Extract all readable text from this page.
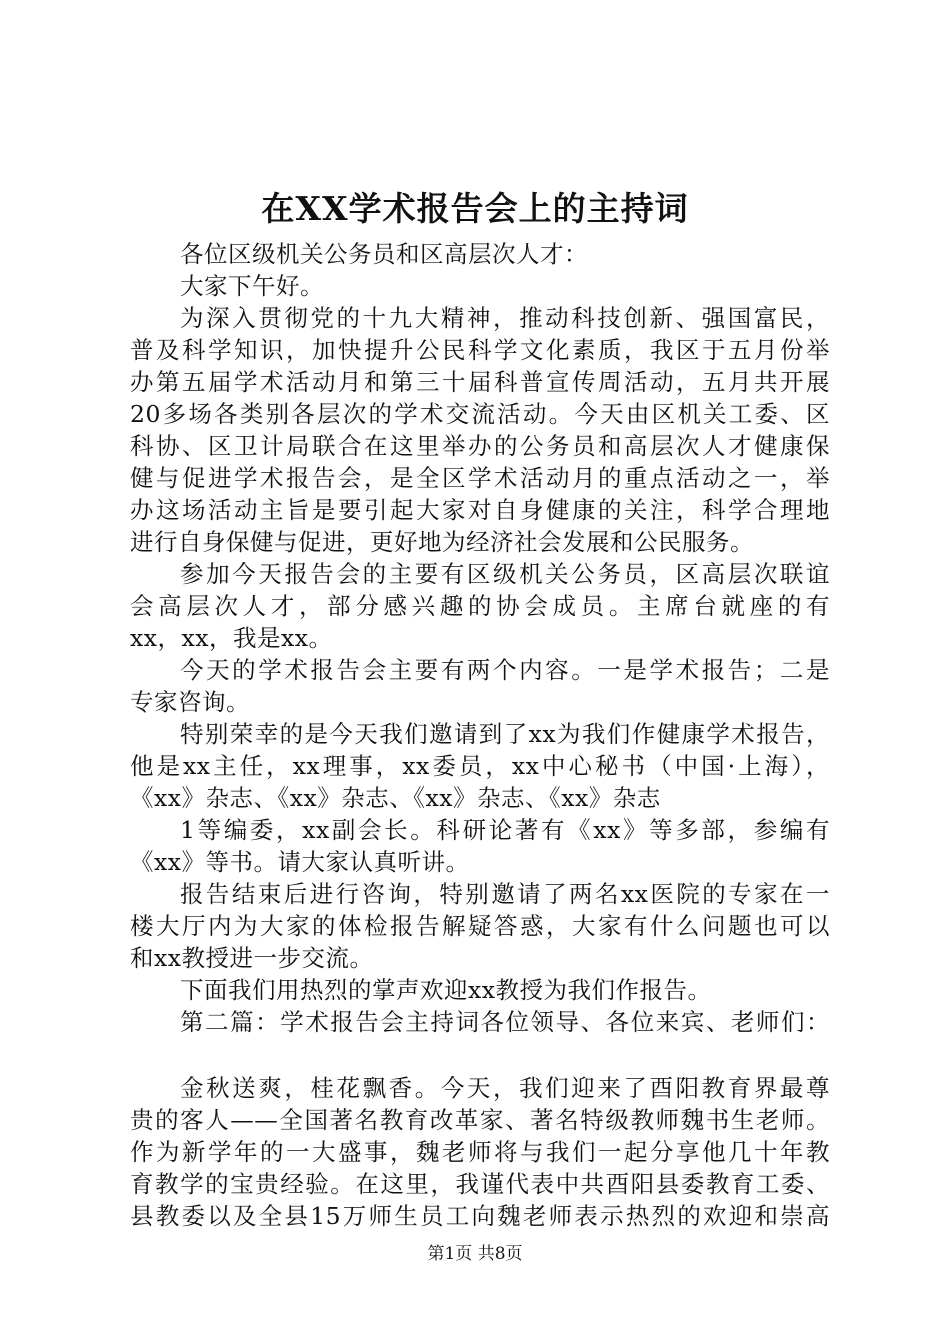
在XX学术报告会上的主持词
各位区级机关公务员和区高层次人才：
大家下午好。
为深入贯彻党的十九大精神，推动科技创新、强国富民，
普及科学知识，加快提升公民科学文化素质，我区于五月份举
办第五届学术活动月和第三十届科普宣传周活动，五月共开展
20多场各类别各层次的学术交流活动。今天由区机关工委、区
科协、区卫计局联合在这里举办的公务员和高层次人才健康保
健与促进学术报告会，是全区学术活动月的重点活动之一，举
办这场活动主旨是要引起大家对自身健康的关注，科学合理地
进行自身保健与促进，更好地为经济社会发展和公民服务。
参加今天报告会的主要有区级机关公务员，区高层次联谊
会高层次人才，部分感兴趣的协会成员。主席台就座的有
xx，xx，我是xx。
今天的学术报告会主要有两个内容。一是学术报告；二是
专家咨询。
特别荣幸的是今天我们邀请到了xx为我们作健康学术报告，
他是xx主任，xx理事，xx委员，xx中心秘书（中国·上海），
《xx》杂志、《xx》杂志、《xx》杂志、《xx》杂志
1等编委，xx副会长。科研论著有《xx》等多部，参编有
《xx》等书。请大家认真听讲。
报告结束后进行咨询，特别邀请了两名xx医院的专家在一
楼大厅内为大家的体检报告解疑答惑，大家有什么问题也可以
和xx教授进一步交流。
下面我们用热烈的掌声欢迎xx教授为我们作报告。
第二篇：学术报告会主持词各位领导、各位来宾、老师们：
金秋送爽，桂花飘香。今天，我们迎来了酉阳教育界最尊
贵的客人——全国著名教育改革家、著名特级教师魏书生老师。
作为新学年的一大盛事，魏老师将与我们一起分享他几十年教
育教学的宝贵经验。在这里，我谨代表中共酉阳县委教育工委、
县教委以及全县15万师生员工向魏老师表示热烈的欢迎和崇高
第1页 共8页
